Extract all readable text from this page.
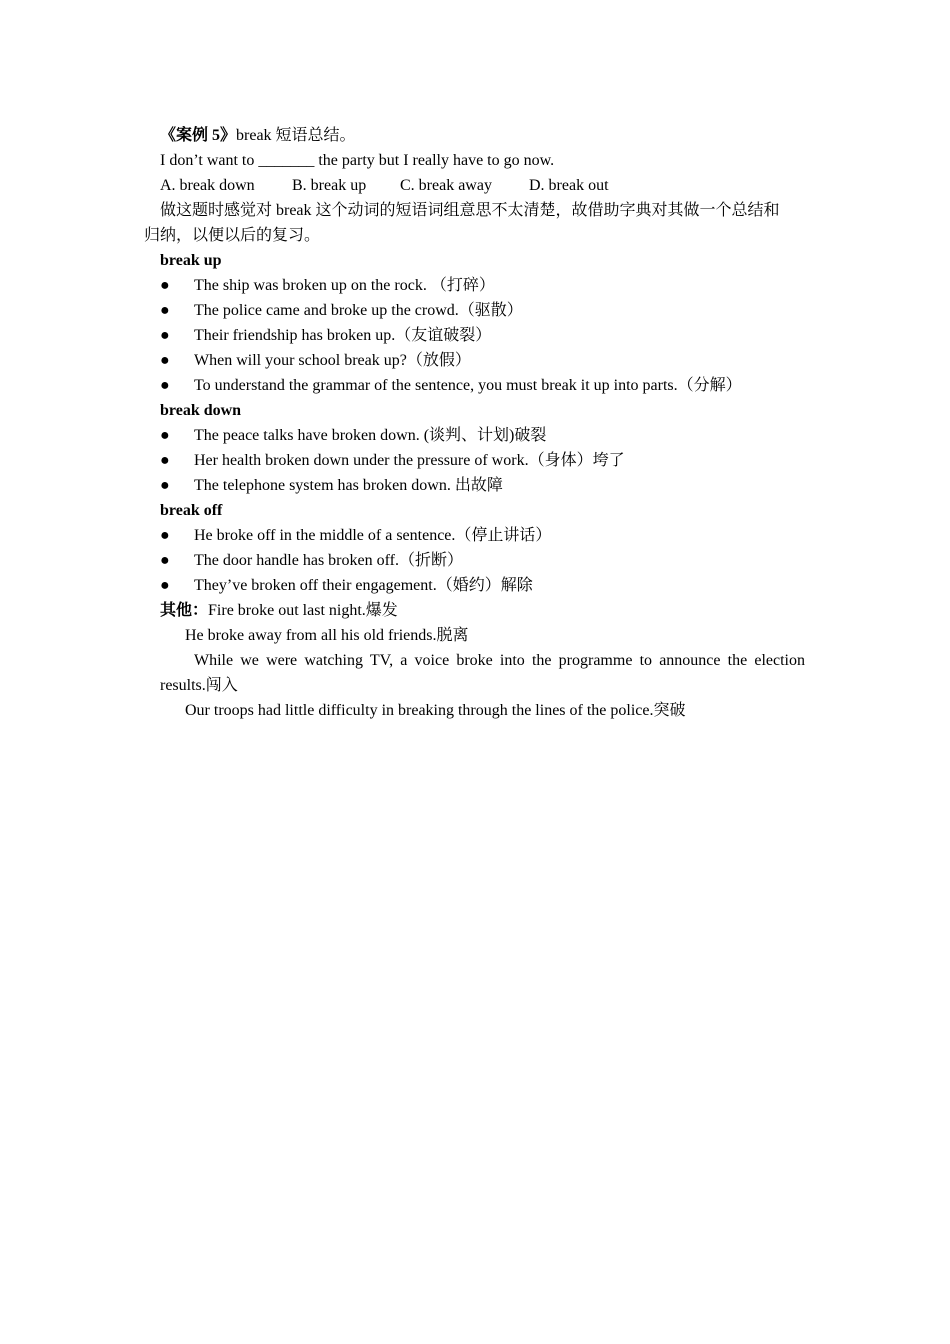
《案例 5》break 短语总结。
I don’t want to _______ the party but I really have to go now.
A. break down B. break up C. break away D. break out
做这题时感觉对 break 这个动词的短语词组意思不太清楚，故借助字典对其做一个总结和
归纳，以便以后的复习。
break up
● The ship was broken up on the rock. （打碎）
● The police came and broke up the crowd.（驱散）
● Their friendship has broken up.（友谊破裂）
● When will your school break up?（放假）
● To understand the grammar of the sentence, you must break it up into parts.（分解）
break down
● The peace talks have broken down. (谈判、计划)破裂
● Her health broken down under the pressure of work.（身体）垮了
● The telephone system has broken down. 出故障
break off
● He broke off in the middle of a sentence.（停止讲话）
● The door handle has broken off.（折断）
● They’ve broken off their engagement.（婚约）解除
其他：Fire broke out last night.爆发
He broke away from all his old friends.脱离
While we were watching TV, a voice broke into the programme to announce the election
results.闯入
Our troops had little difficulty in breaking through the lines of the police.突破
